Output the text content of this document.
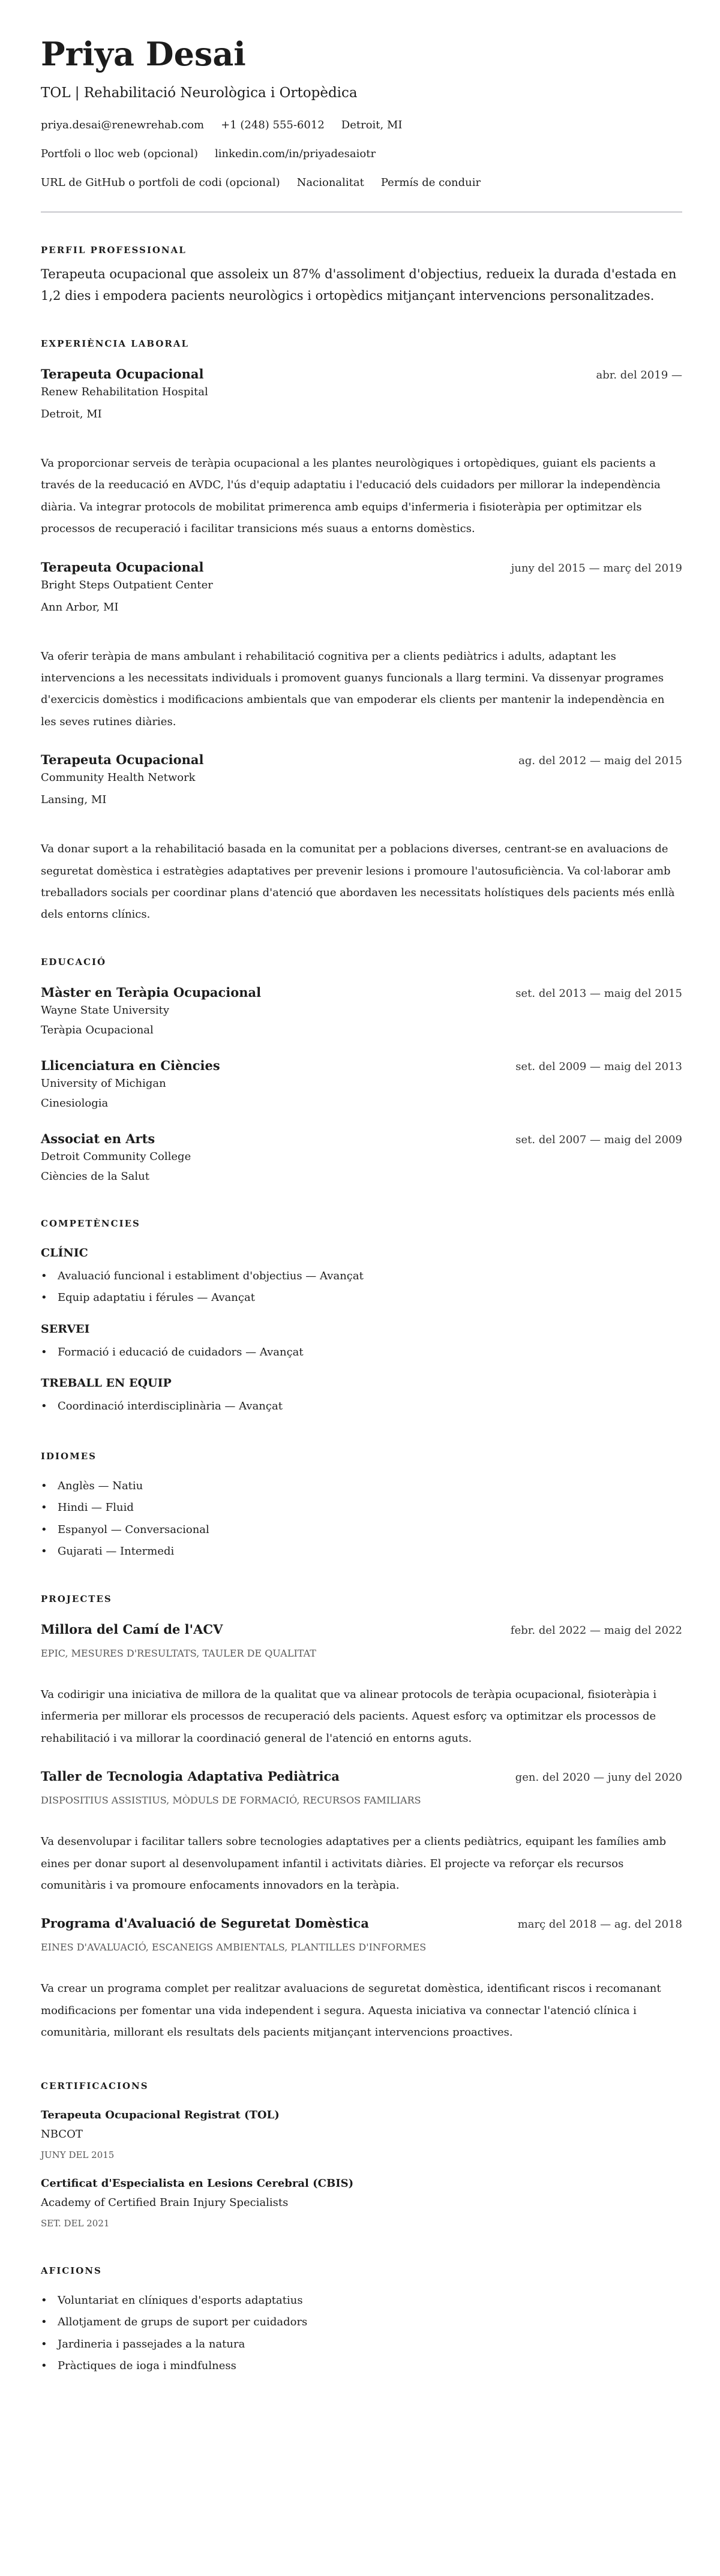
Priya Desai
TOL | Rehabilitació Neurològica i Ortopèdica
priya.desai@renewrehab.com +1 (248) 555-6012 Detroit, MI
Portfoli o lloc web (opcional) linkedin.com/in/priyadesaiotr
URL de GitHub o portfoli de codi (opcional) Nacionalitat Permís de conduir
PERFIL PROFESSIONAL

Terapeuta ocupacional que assoleix un 87% d'assoliment d'objectius, redueix la durada d'estada en 1,2 dies i empodera pacients neurològics i ortopèdics mitjançant intervencions personalitzades.

EXPERIÈNCIA LABORAL
Terapeuta Ocupacional	abr. del 2019 —
Renew Rehabilitation Hospital
Detroit, MI
Va proporcionar serveis de teràpia ocupacional a les plantes neurològiques i ortopèdiques, guiant els pacients a través de la reeducació en AVDC, l'ús d'equip adaptatiu i l'educació dels cuidadors per millorar la independència diària. Va integrar protocols de mobilitat primerenca amb equips d'infermeria i fisioteràpia per optimitzar els processos de recuperació i facilitar transicions més suaus a entorns domèstics.
Terapeuta Ocupacional	juny del 2015 — març del 2019
Bright Steps Outpatient Center
Ann Arbor, MI
Va oferir teràpia de mans ambulant i rehabilitació cognitiva per a clients pediàtrics i adults, adaptant les intervencions a les necessitats individuals i promovent guanys funcionals a llarg termini. Va dissenyar programes d'exercicis domèstics i modificacions ambientals que van empoderar els clients per mantenir la independència en les seves rutines diàries.
Terapeuta Ocupacional	ag. del 2012 — maig del 2015
Community Health Network
Lansing, MI
Va donar suport a la rehabilitació basada en la comunitat per a poblacions diverses, centrant-se en avaluacions de seguretat domèstica i estratègies adaptatives per prevenir lesions i promoure l'autosuficiència. Va col·laborar amb treballadors socials per coordinar plans d'atenció que abordaven les necessitats holístiques dels pacients més enllà dels entorns clínics.
EDUCACIÓ
Màster en Teràpia Ocupacional	set. del 2013 — maig del 2015
Wayne State University
Teràpia Ocupacional
Llicenciatura en Ciències	set. del 2009 — maig del 2013
University of Michigan
Cinesiologia
Associat en Arts	set. del 2007 — maig del 2009
Detroit Community College
Ciències de la Salut
COMPETÈNCIES
CLÍNIC
• Avaluació funcional i establiment d'objectius — Avançat
• Equip adaptatiu i férules — Avançat
SERVEI
• Formació i educació de cuidadors — Avançat
TREBALL EN EQUIP
• Coordinació interdisciplinària — Avançat
IDIOMES
• Anglès — Natiu
• Hindi — Fluid
• Espanyol — Conversacional
• Gujarati — Intermedi
PROJECTES
Millora del Camí de l'ACV	febr. del 2022 — maig del 2022
EPIC, MESURES D'RESULTATS, TAULER DE QUALITAT
Va codirigir una iniciativa de millora de la qualitat que va alinear protocols de teràpia ocupacional, fisioteràpia i infermeria per millorar els processos de recuperació dels pacients. Aquest esforç va optimitzar els processos de rehabilitació i va millorar la coordinació general de l'atenció en entorns aguts.
Taller de Tecnologia Adaptativa Pediàtrica	gen. del 2020 — juny del 2020
DISPOSITIUS ASSISTIUS, MÒDULS DE FORMACIÓ, RECURSOS FAMILIARS
Va desenvolupar i facilitar tallers sobre tecnologies adaptatives per a clients pediàtrics, equipant les famílies amb eines per donar suport al desenvolupament infantil i activitats diàries. El projecte va reforçar els recursos comunitàris i va promoure enfocaments innovadors en la teràpia.
Programa d'Avaluació de Seguretat Domèstica	març del 2018 — ag. del 2018
EINES D'AVALUACIÓ, ESCANEIGS AMBIENTALS, PLANTILLES D'INFORMES
Va crear un programa complet per realitzar avaluacions de seguretat domèstica, identificant riscos i recomanant modificacions per fomentar una vida independent i segura. Aquesta iniciativa va connectar l'atenció clínica i comunitària, millorant els resultats dels pacients mitjançant intervencions proactives.
CERTIFICACIONS
Terapeuta Ocupacional Registrat (TOL)
NBCOT
JUNY DEL 2015
Certificat d'Especialista en Lesions Cerebral (CBIS)
Academy of Certified Brain Injury Specialists
SET. DEL 2021
AFICIONS
• Voluntariat en clíniques d'esports adaptatius
• Allotjament de grups de suport per cuidadors
• Jardineria i passejades a la natura
• Pràctiques de ioga i mindfulness
